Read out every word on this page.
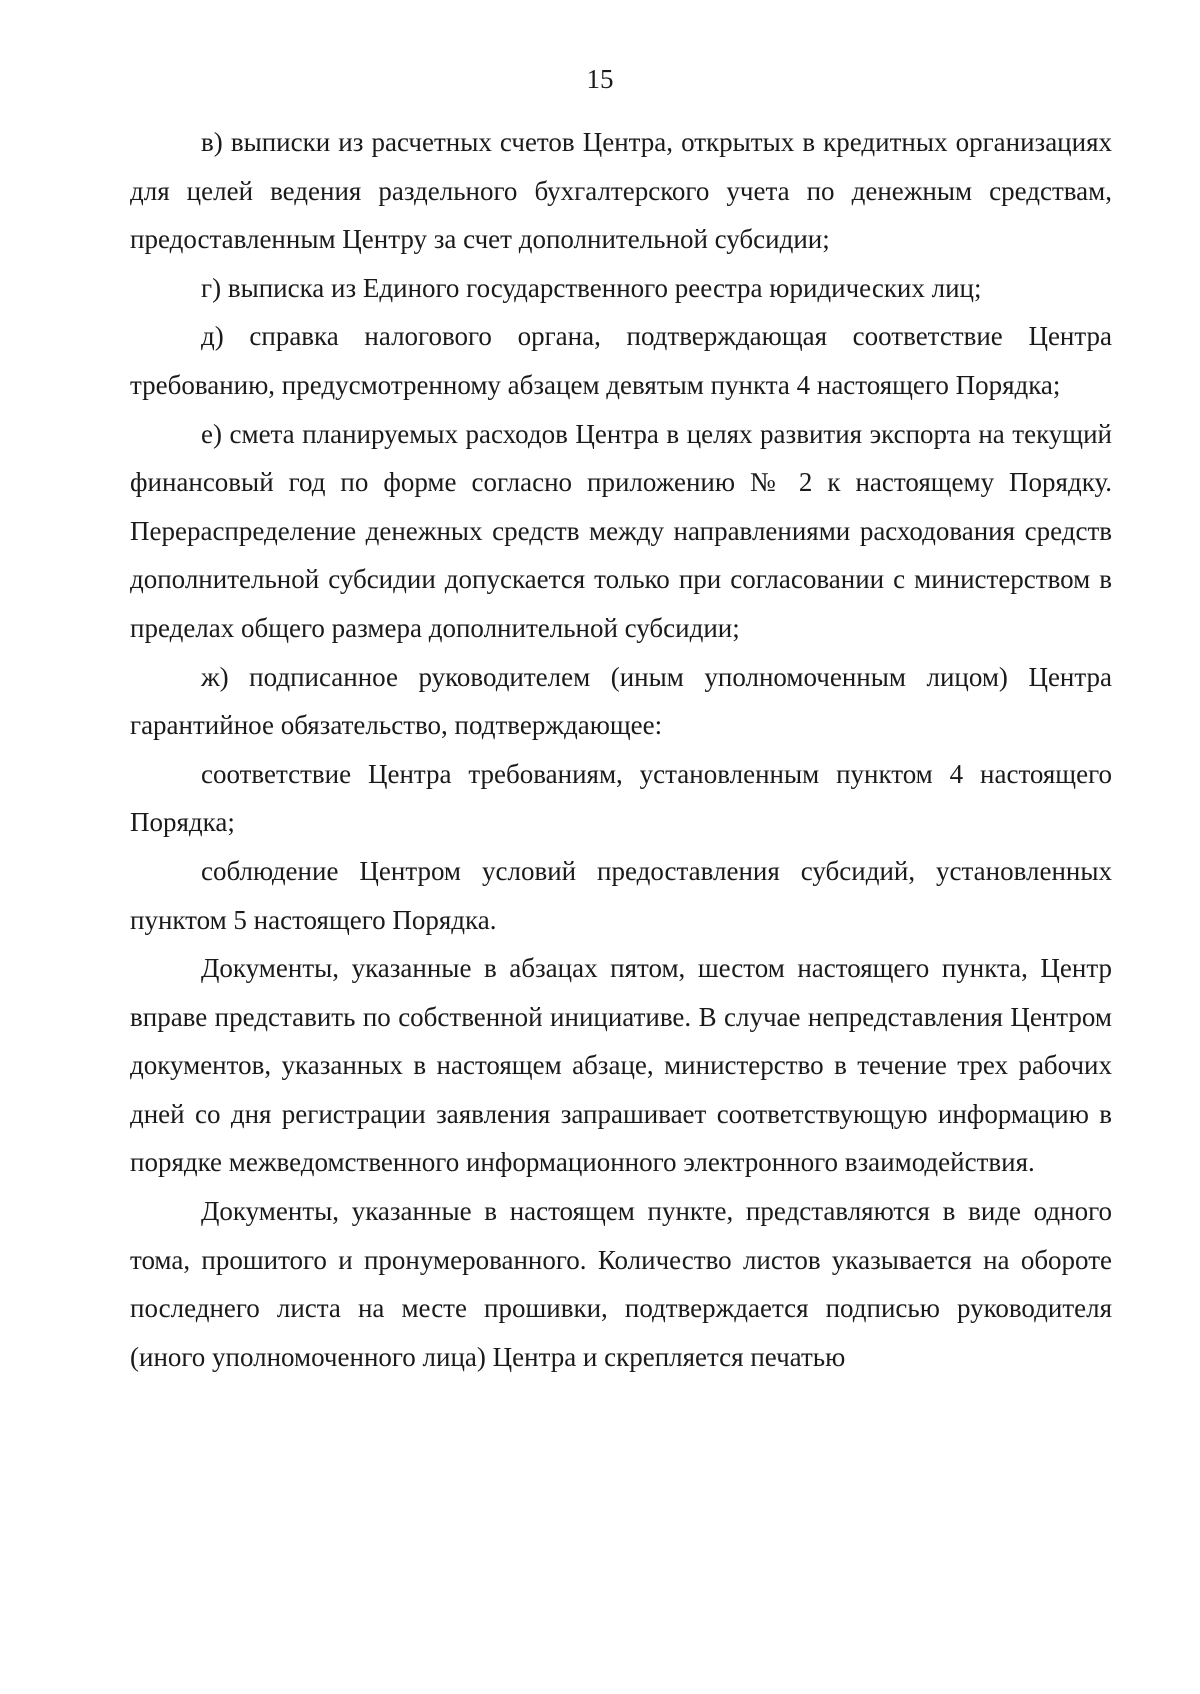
15

в) выписки из расчетных счетов Центра, открытых в кредитных организациях для целей ведения раздельного бухгалтерского учета по денежным средствам, предоставленным Центру за счет дополнительной субсидии;

г) выписка из Единого государственного реестра юридических лиц;

д) справка налогового органа, подтверждающая соответствие Центра требованию, предусмотренному абзацем девятым пункта 4 настоящего Порядка;

е) смета планируемых расходов Центра в целях развития экспорта на текущий финансовый год по форме согласно приложению № 2 к настоящему Порядку. Перераспределение денежных средств между направлениями расходования средств дополнительной субсидии допускается только при согласовании с министерством в пределах общего размера дополнительной субсидии;

ж) подписанное руководителем (иным уполномоченным лицом) Центра гарантийное обязательство, подтверждающее:

соответствие Центра требованиям, установленным пунктом 4 настоящего Порядка;

соблюдение Центром условий предоставления субсидий, установленных пунктом 5 настоящего Порядка.

Документы, указанные в абзацах пятом, шестом настоящего пункта, Центр вправе представить по собственной инициативе. В случае непредставления Центром документов, указанных в настоящем абзаце, министерство в течение трех рабочих дней со дня регистрации заявления запрашивает соответствующую информацию в порядке межведомственного информационного электронного взаимодействия.

Документы, указанные в настоящем пункте, представляются в виде одного тома, прошитого и пронумерованного. Количество листов указывается на обороте последнего листа на месте прошивки, подтверждается подписью руководителя (иного уполномоченного лица) Центра и скрепляется печатью
